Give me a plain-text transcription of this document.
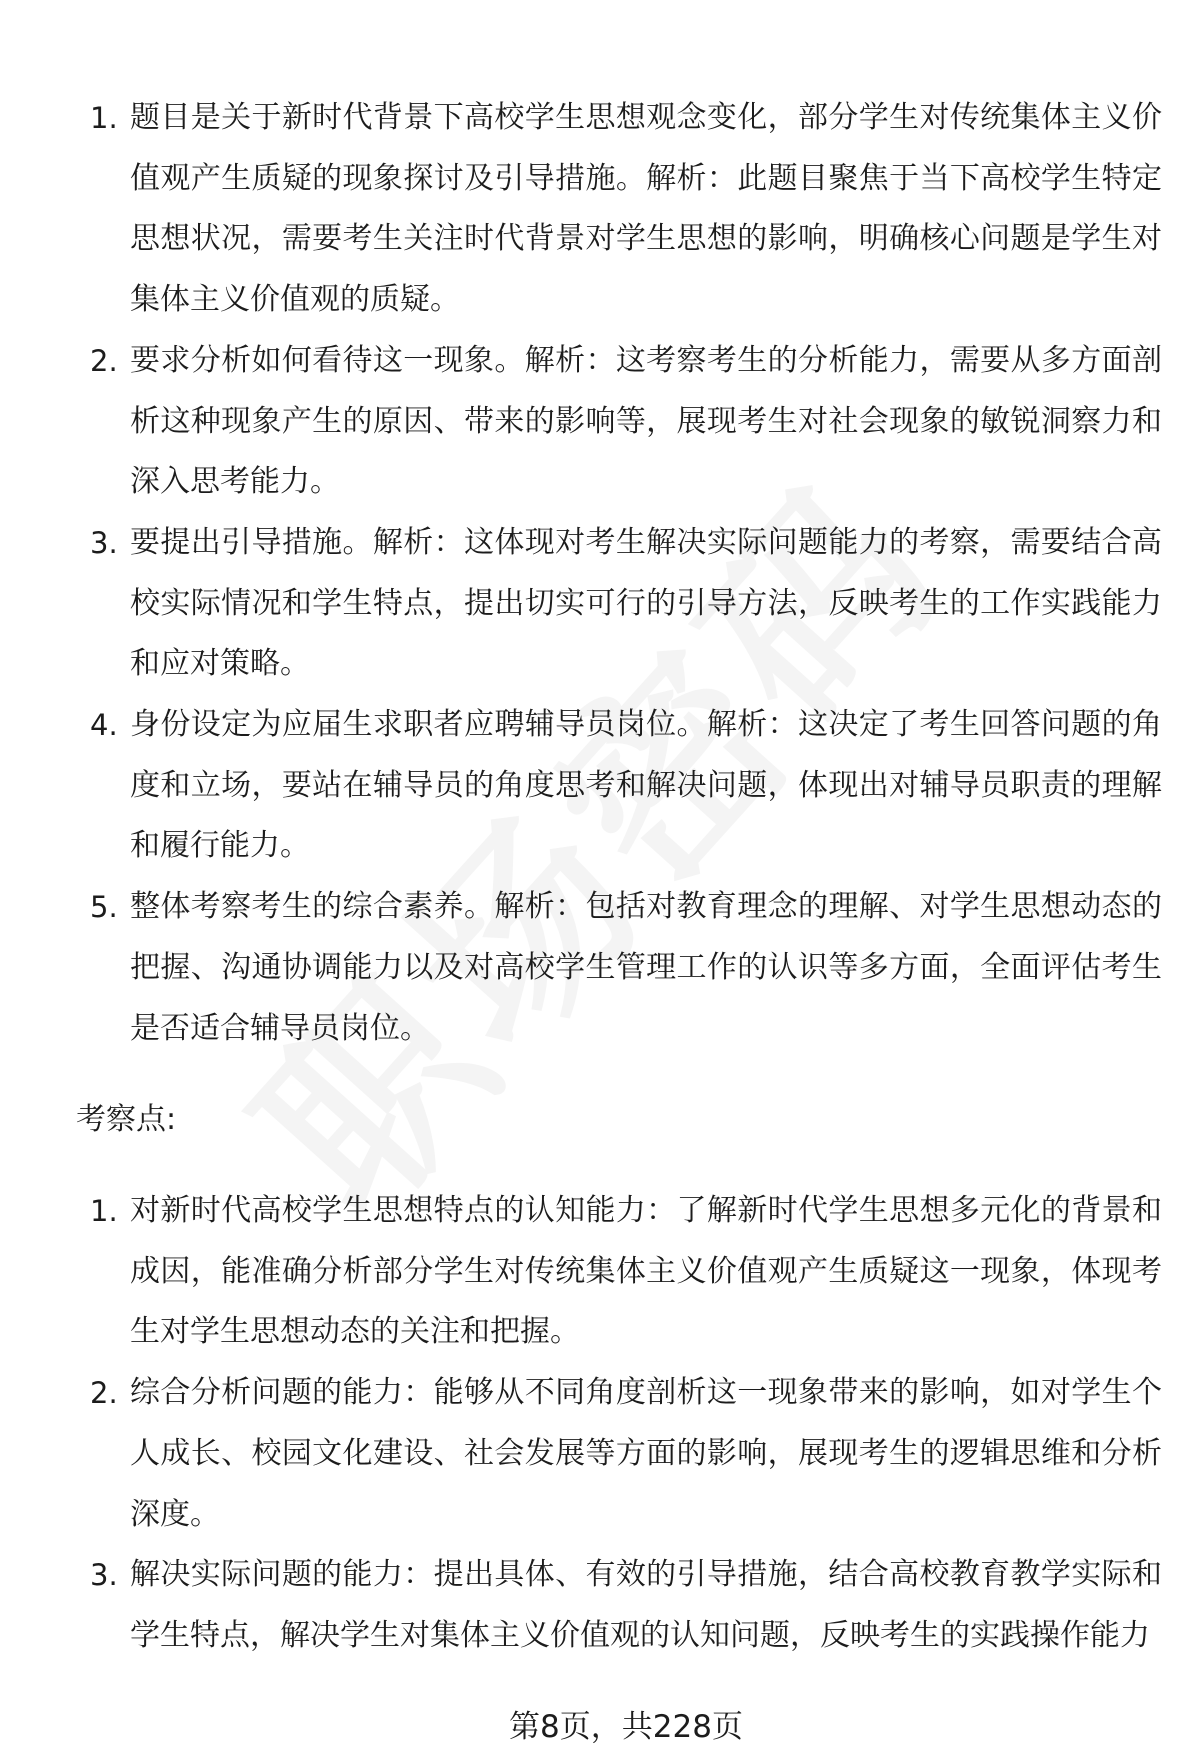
1. 题目是关于新时代背景下高校学生思想观念变化，部分学生对传统集体主义价值观产生质疑的现象探讨及引导措施。解析：此题目聚焦于当下高校学生特定思想状况，需要考生关注时代背景对学生思想的影响，明确核心问题是学生对集体主义价值观的质疑。
2. 要求分析如何看待这一现象。解析：这考察考生的分析能力，需要从多方面剖析这种现象产生的原因、带来的影响等，展现考生对社会现象的敏锐洞察力和深入思考能力。
3. 要提出引导措施。解析：这体现对考生解决实际问题能力的考察，需要结合高校实际情况和学生特点，提出切实可行的引导方法，反映考生的工作实践能力和应对策略。
4. 身份设定为应届生求职者应聘辅导员岗位。解析：这决定了考生回答问题的角度和立场，要站在辅导员的角度思考和解决问题，体现出对辅导员职责的理解和履行能力。
5. 整体考察考生的综合素养。解析：包括对教育理念的理解、对学生思想动态的把握、沟通协调能力以及对高校学生管理工作的认识等多方面，全面评估考生是否适合辅导员岗位。
考察点:
1. 对新时代高校学生思想特点的认知能力：了解新时代学生思想多元化的背景和成因，能准确分析部分学生对传统集体主义价值观产生质疑这一现象，体现考生对学生思想动态的关注和把握。
2. 综合分析问题的能力：能够从不同角度剖析这一现象带来的影响，如对学生个人成长、校园文化建设、社会发展等方面的影响，展现考生的逻辑思维和分析深度。
3. 解决实际问题的能力：提出具体、有效的引导措施，结合高校教育教学实际和学生特点，解决学生对集体主义价值观的认知问题，反映考生的实践操作能力
第8页，共228页
